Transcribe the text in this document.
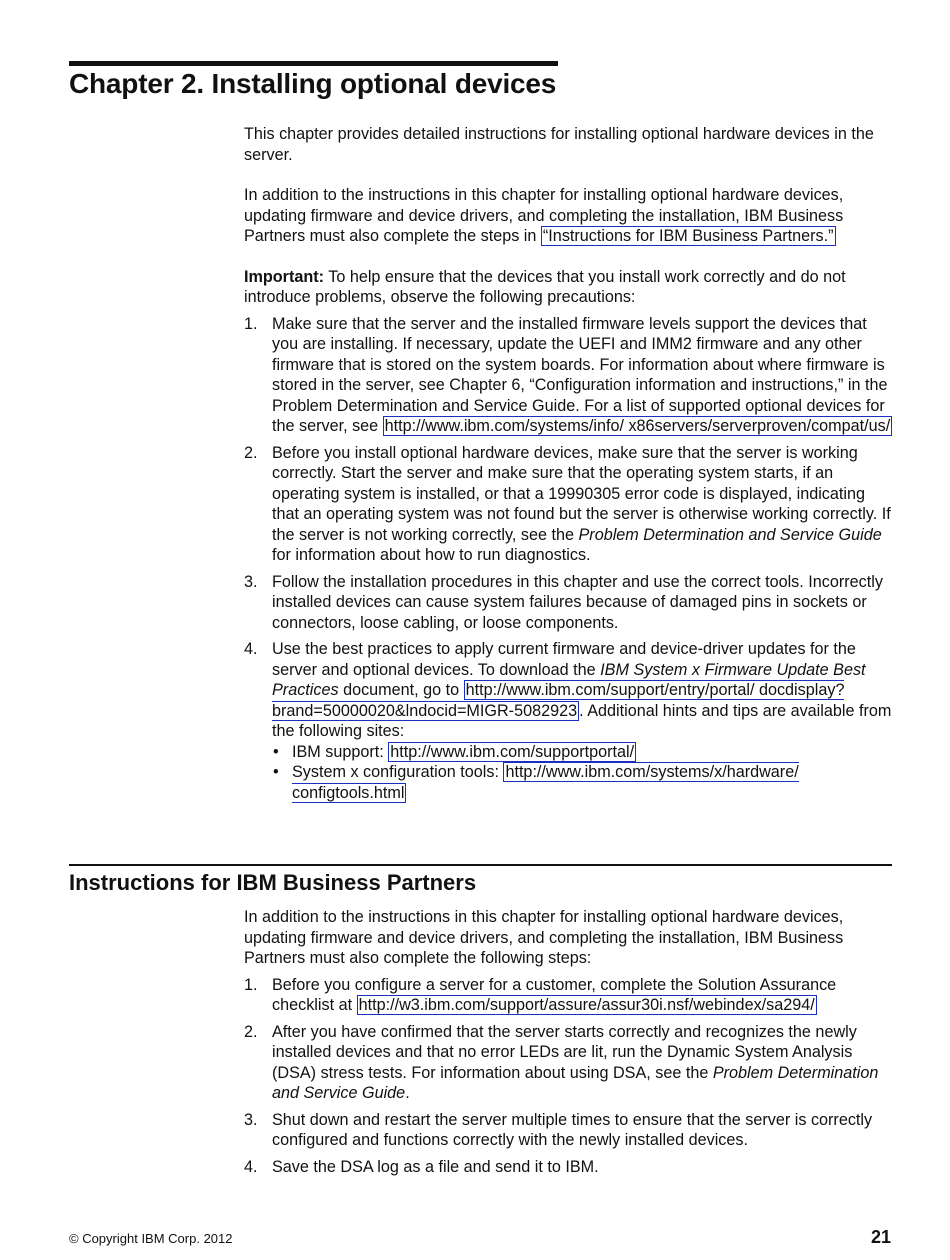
Chapter 2. Installing optional devices

This chapter provides detailed instructions for installing optional hardware devices in the server.

In addition to the instructions in this chapter for installing optional hardware devices, updating firmware and device drivers, and completing the installation, IBM Business Partners must also complete the steps in “Instructions for IBM Business Partners.”

Important: To help ensure that the devices that you install work correctly and do not introduce problems, observe the following precautions:

1. Make sure that the server and the installed firmware levels support the devices that you are installing. If necessary, update the UEFI and IMM2 firmware and any other firmware that is stored on the system boards. For information about where firmware is stored in the server, see Chapter 6, “Configuration information and instructions,” in the Problem Determination and Service Guide. For a list of supported optional devices for the server, see http://www.ibm.com/systems/info/ x86servers/serverproven/compat/us/
2. Before you install optional hardware devices, make sure that the server is working correctly. Start the server and make sure that the operating system starts, if an operating system is installed, or that a 19990305 error code is displayed, indicating that an operating system was not found but the server is otherwise working correctly. If the server is not working correctly, see the Problem Determination and Service Guide for information about how to run diagnostics.
3. Follow the installation procedures in this chapter and use the correct tools. Incorrectly installed devices can cause system failures because of damaged pins in sockets or connectors, loose cabling, or loose components.
4. Use the best practices to apply current firmware and device-driver updates for the server and optional devices. To download the IBM System x Firmware Update Best Practices document, go to http://www.ibm.com/support/entry/portal/ docdisplay?brand=50000020&lndocid=MIGR-5082923 . Additional hints and tips are available from the following sites:
• IBM support: http://www.ibm.com/supportportal/
• System x configuration tools: http://www.ibm.com/systems/x/hardware/ configtools.html
Instructions for IBM Business Partners

In addition to the instructions in this chapter for installing optional hardware devices, updating firmware and device drivers, and completing the installation, IBM Business Partners must also complete the following steps:

1. Before you configure a server for a customer, complete the Solution Assurance checklist at http://w3.ibm.com/support/assure/assur30i.nsf/webindex/sa294/
2. After you have confirmed that the server starts correctly and recognizes the newly installed devices and that no error LEDs are lit, run the Dynamic System Analysis (DSA) stress tests. For information about using DSA, see the Problem Determination and Service Guide.
3. Shut down and restart the server multiple times to ensure that the server is correctly configured and functions correctly with the newly installed devices.
4. Save the DSA log as a file and send it to IBM.
© Copyright IBM Corp. 2012	21
